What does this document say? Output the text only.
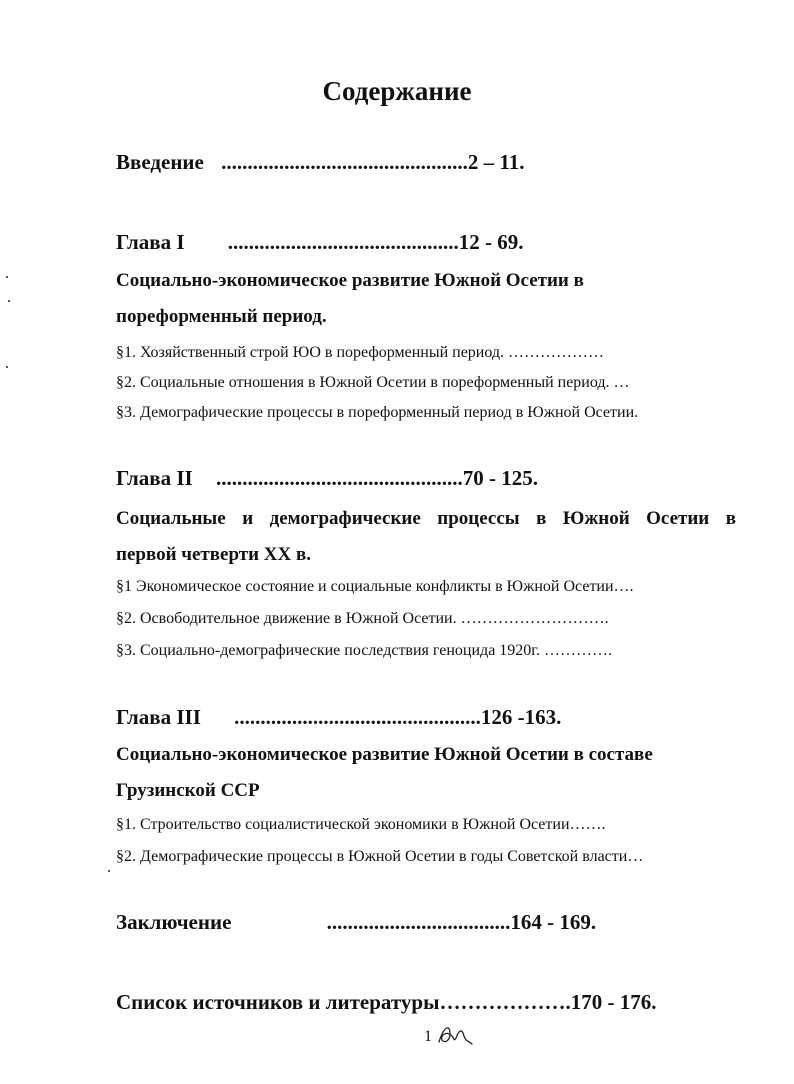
Содержание
Введение ...............................................2 – 11.
Глава I ............................................12 - 69.
Социально-экономическое развитие Южной Осетии в
пореформенный период.
§1. Хозяйственный строй ЮО в пореформенный период. ………………
§2. Социальные отношения в Южной Осетии в пореформенный период. …
§3. Демографические процессы в пореформенный период в Южной Осетии.
Глава II ...............................................70 - 125.
Социальные и демографические процессы в Южной Осетии в
первой четверти ХХ в.
§1 Экономическое состояние и социальные конфликты в Южной Осетии….
§2. Освободительное движение в Южной Осетии. ……………………….
§3. Социально-демографические последствия геноцида 1920г. ………….
Глава III ...............................................126 -163.
Социально-экономическое развитие Южной Осетии в составе
Грузинской ССР
§1. Строительство социалистической экономики в Южной Осетии…….
§2. Демографические процессы в Южной Осетии в годы Советской власти…
Заключение	...................................164 - 169.
Список источников и литературы……………….170 - 176.
1
